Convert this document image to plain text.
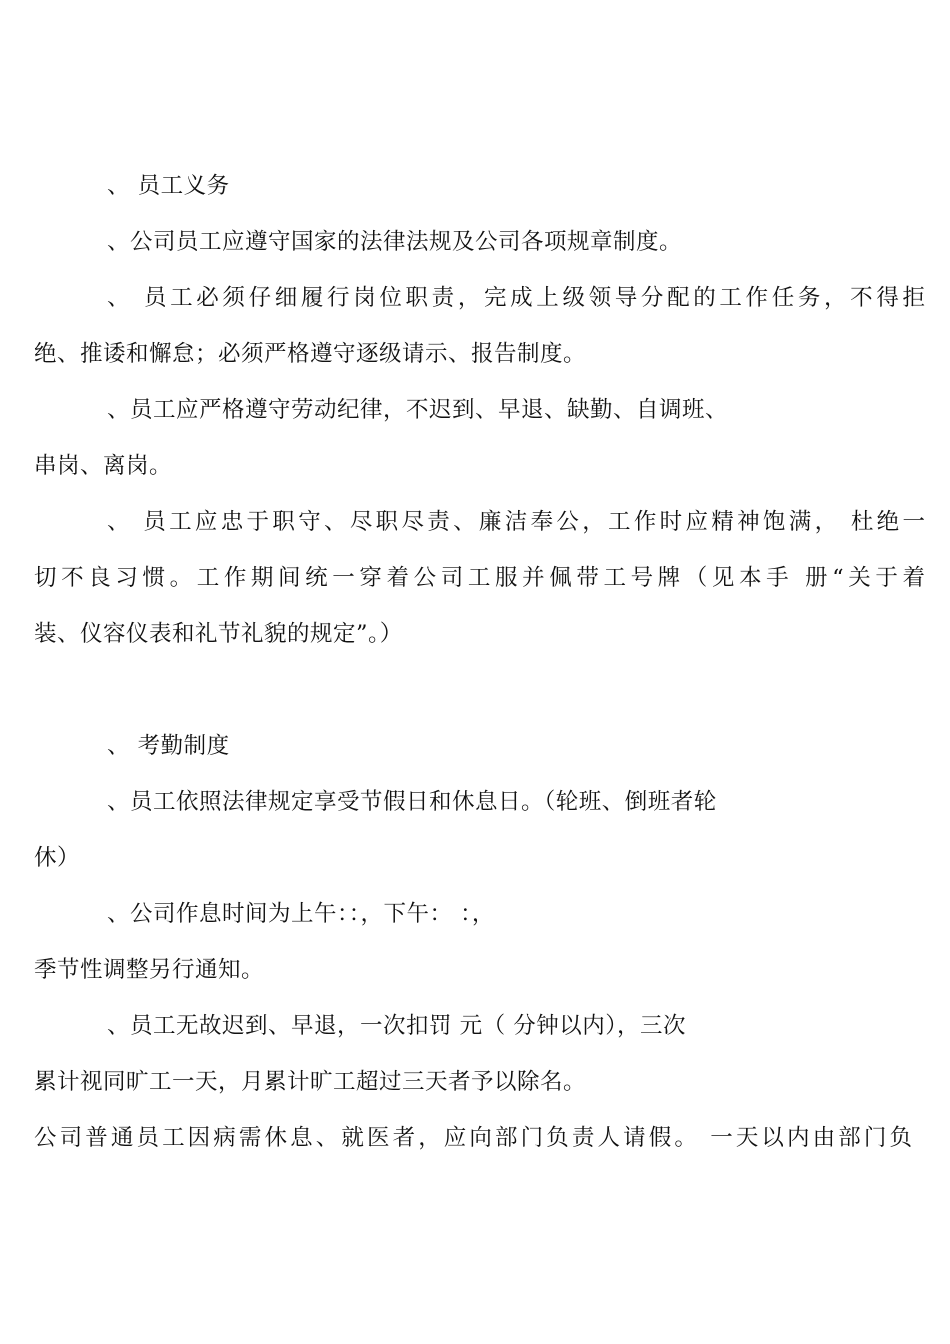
、 员工义务
、公司员工应遵守国家的法律法规及公司各项规章制度。
、 员工必须仔细履行岗位职责，完成上级领导分配的工作任务，不得拒
绝、推诿和懈怠；必须严格遵守逐级请示、报告制度。
、员工应严格遵守劳动纪律，不迟到、早退、缺勤、自调班、
串岗、离岗。
、 员工应忠于职守、尽职尽责、廉洁奉公，工作时应精神饱满， 杜绝一
切不良习惯。工作期间统一穿着公司工服并佩带工号牌（见本手 册“关于着
装、仪容仪表和礼节礼貌的规定”。）
、 考勤制度
、员工依照法律规定享受节假日和休息日。（轮班、倒班者轮
休）
、公司作息时间为上午：：，下午： ：，
季节性调整另行通知。
、员工无故迟到、早退，一次扣罚 元（ 分钟以内），三次
累计视同旷工一天，月累计旷工超过三天者予以除名。
公司普通员工因病需休息、就医者，应向部门负责人请假。 一天以内由部门负
